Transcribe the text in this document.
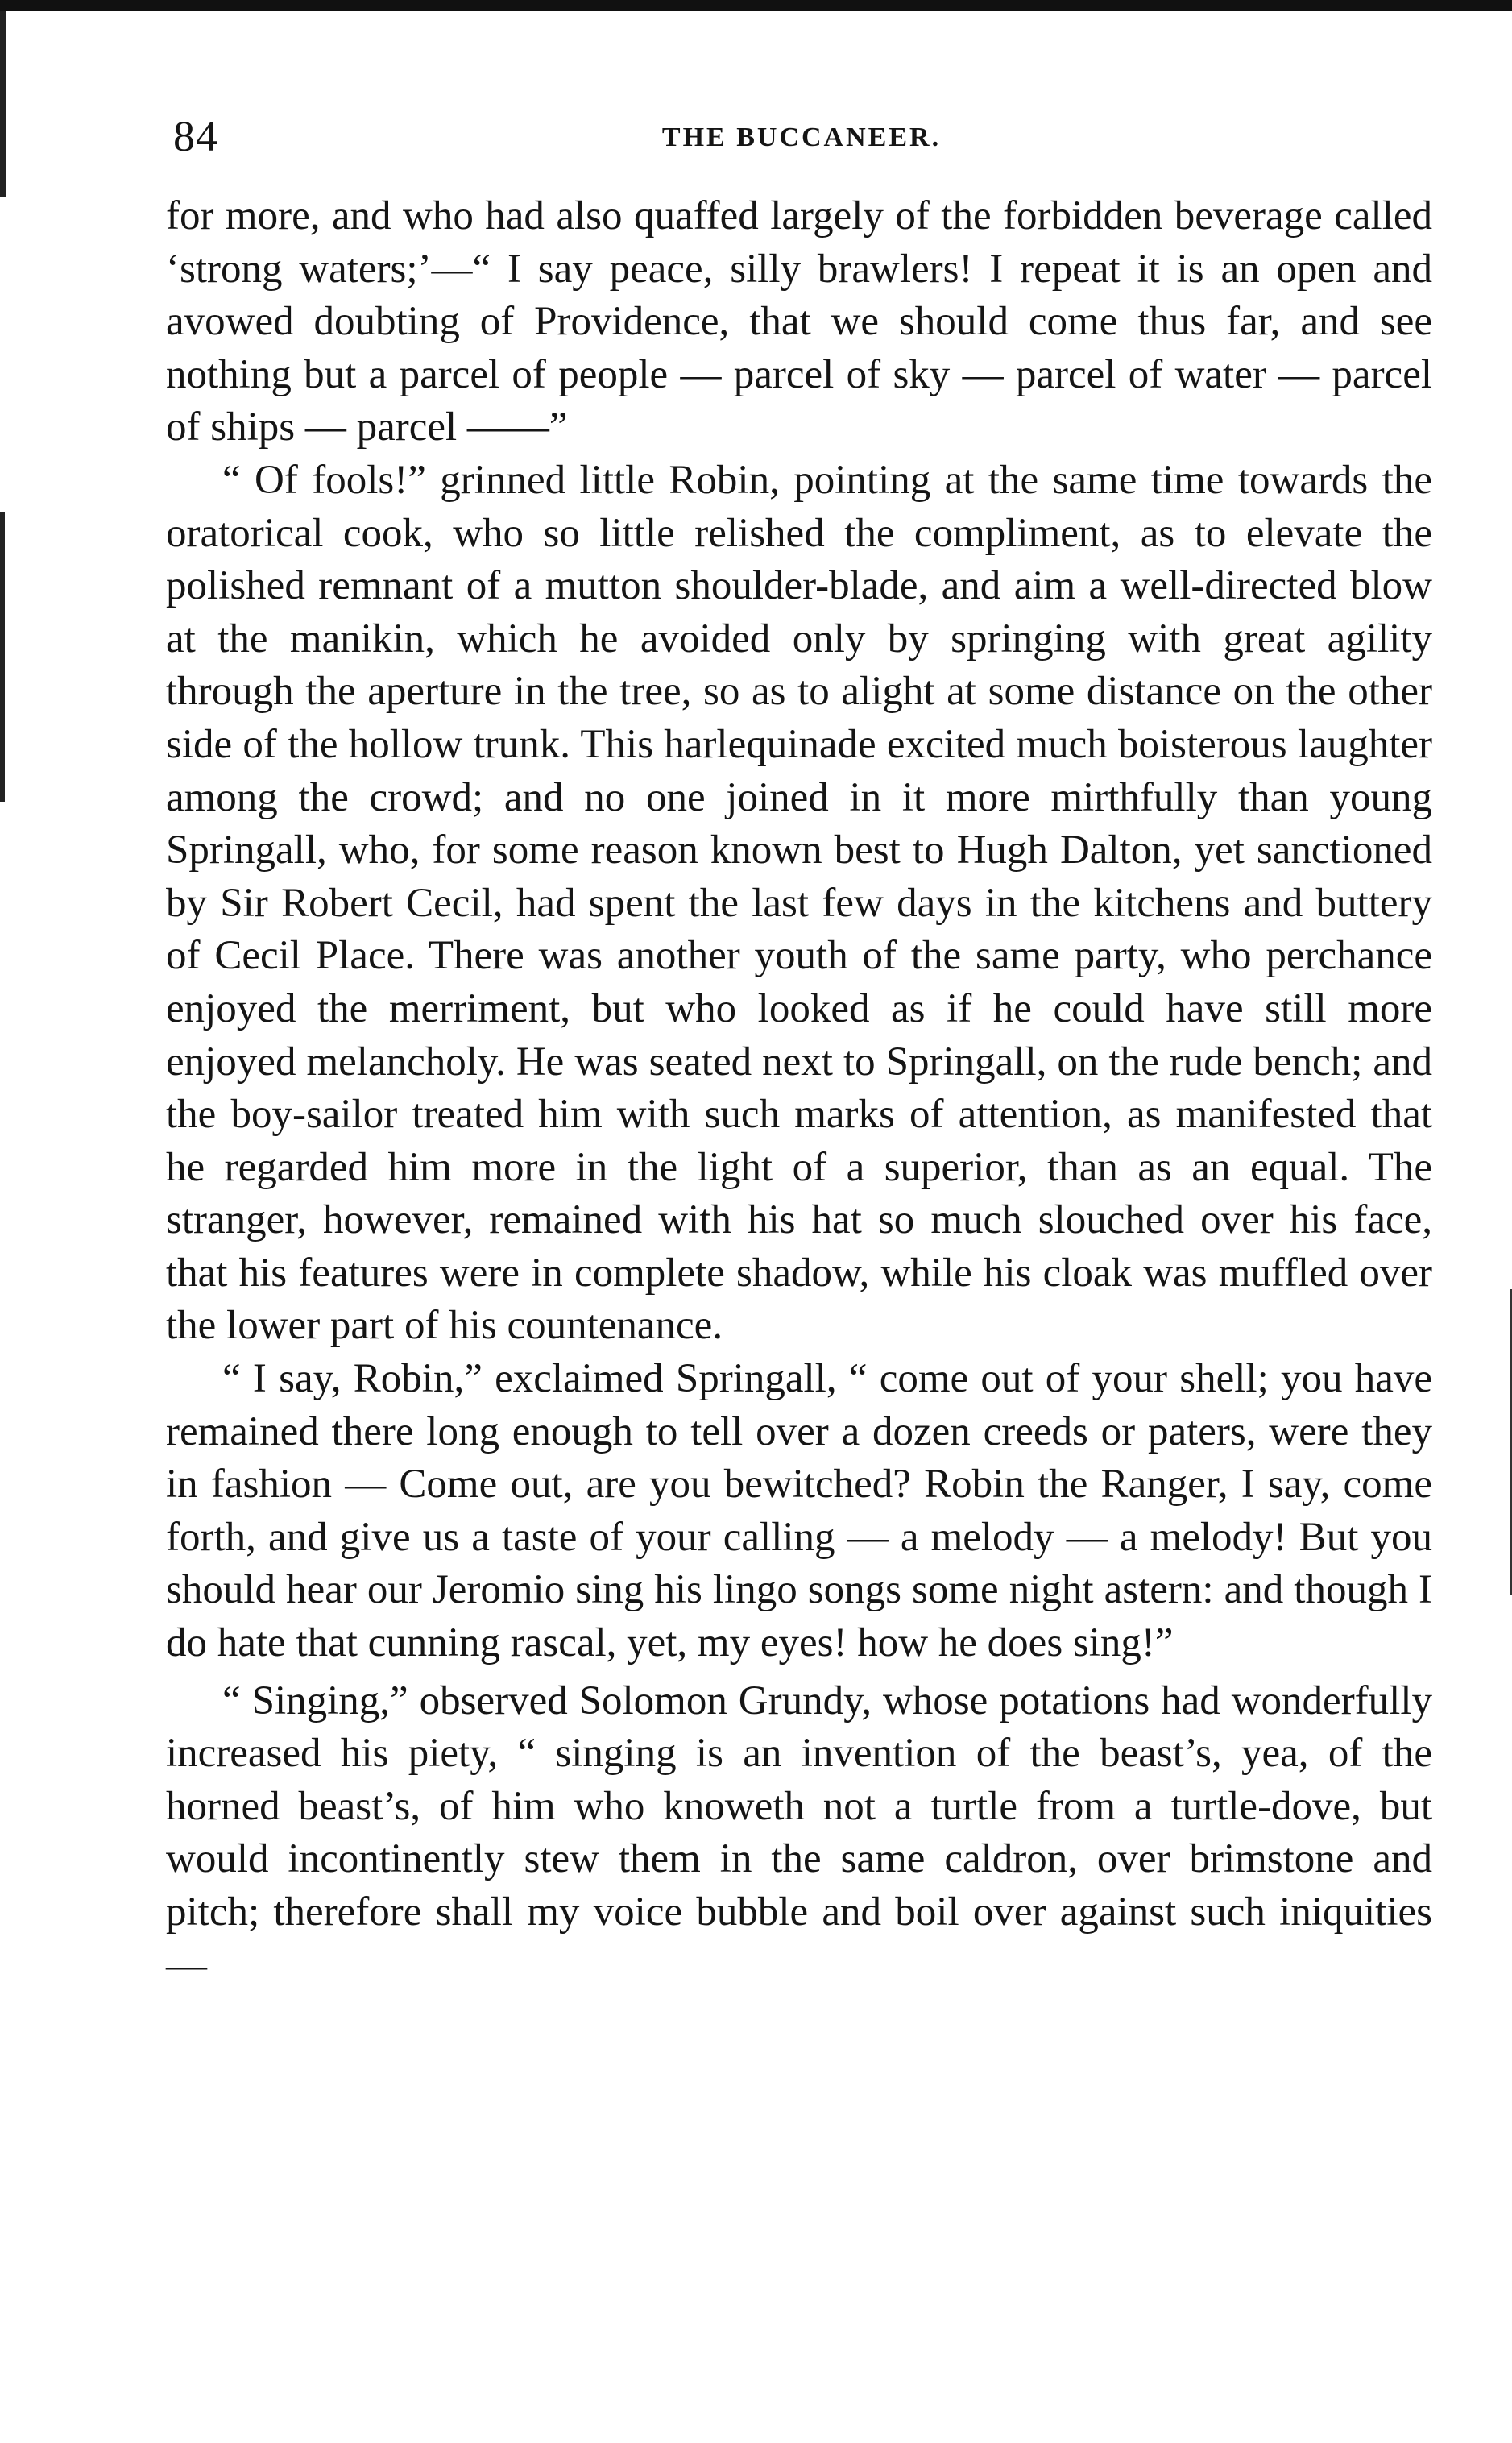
84	THE BUCCANEER.

for more, and who had also quaffed largely of the forbidden beverage called ‘strong waters;’—“ I say peace, silly brawlers! I repeat it is an open and avowed doubting of Providence, that we should come thus far, and see nothing but a parcel of people — parcel of sky — parcel of water — parcel of ships — parcel ——”

“ Of fools!” grinned little Robin, pointing at the same time towards the oratorical cook, who so little relished the compliment, as to elevate the polished remnant of a mutton shoulder-blade, and aim a well-directed blow at the manikin, which he avoided only by springing with great agility through the aperture in the tree, so as to alight at some distance on the other side of the hollow trunk. This harlequinade excited much boisterous laughter among the crowd; and no one joined in it more mirthfully than young Springall, who, for some reason known best to Hugh Dalton, yet sanctioned by Sir Robert Cecil, had spent the last few days in the kitchens and buttery of Cecil Place. There was another youth of the same party, who perchance enjoyed the merriment, but who looked as if he could have still more enjoyed melancholy. He was seated next to Springall, on the rude bench; and the boy-sailor treated him with such marks of attention, as manifested that he regarded him more in the light of a superior, than as an equal. The stranger, however, remained with his hat so much slouched over his face, that his features were in complete shadow, while his cloak was muffled over the lower part of his countenance.

“ I say, Robin,” exclaimed Springall, “ come out of your shell; you have remained there long enough to tell over a dozen creeds or paters, were they in fashion — Come out, are you bewitched? Robin the Ranger, I say, come forth, and give us a taste of your calling — a melody — a melody! But you should hear our Jeromio sing his lingo songs some night astern: and though I do hate that cunning rascal, yet, my eyes! how he does sing!”

“ Singing,” observed Solomon Grundy, whose potations had wonderfully increased his piety, “ singing is an invention of the beast’s, yea, of the horned beast’s, of him who knoweth not a turtle from a turtle-dove, but would incontinently stew them in the same caldron, over brimstone and pitch; therefore shall my voice bubble and boil over against such iniquities —
